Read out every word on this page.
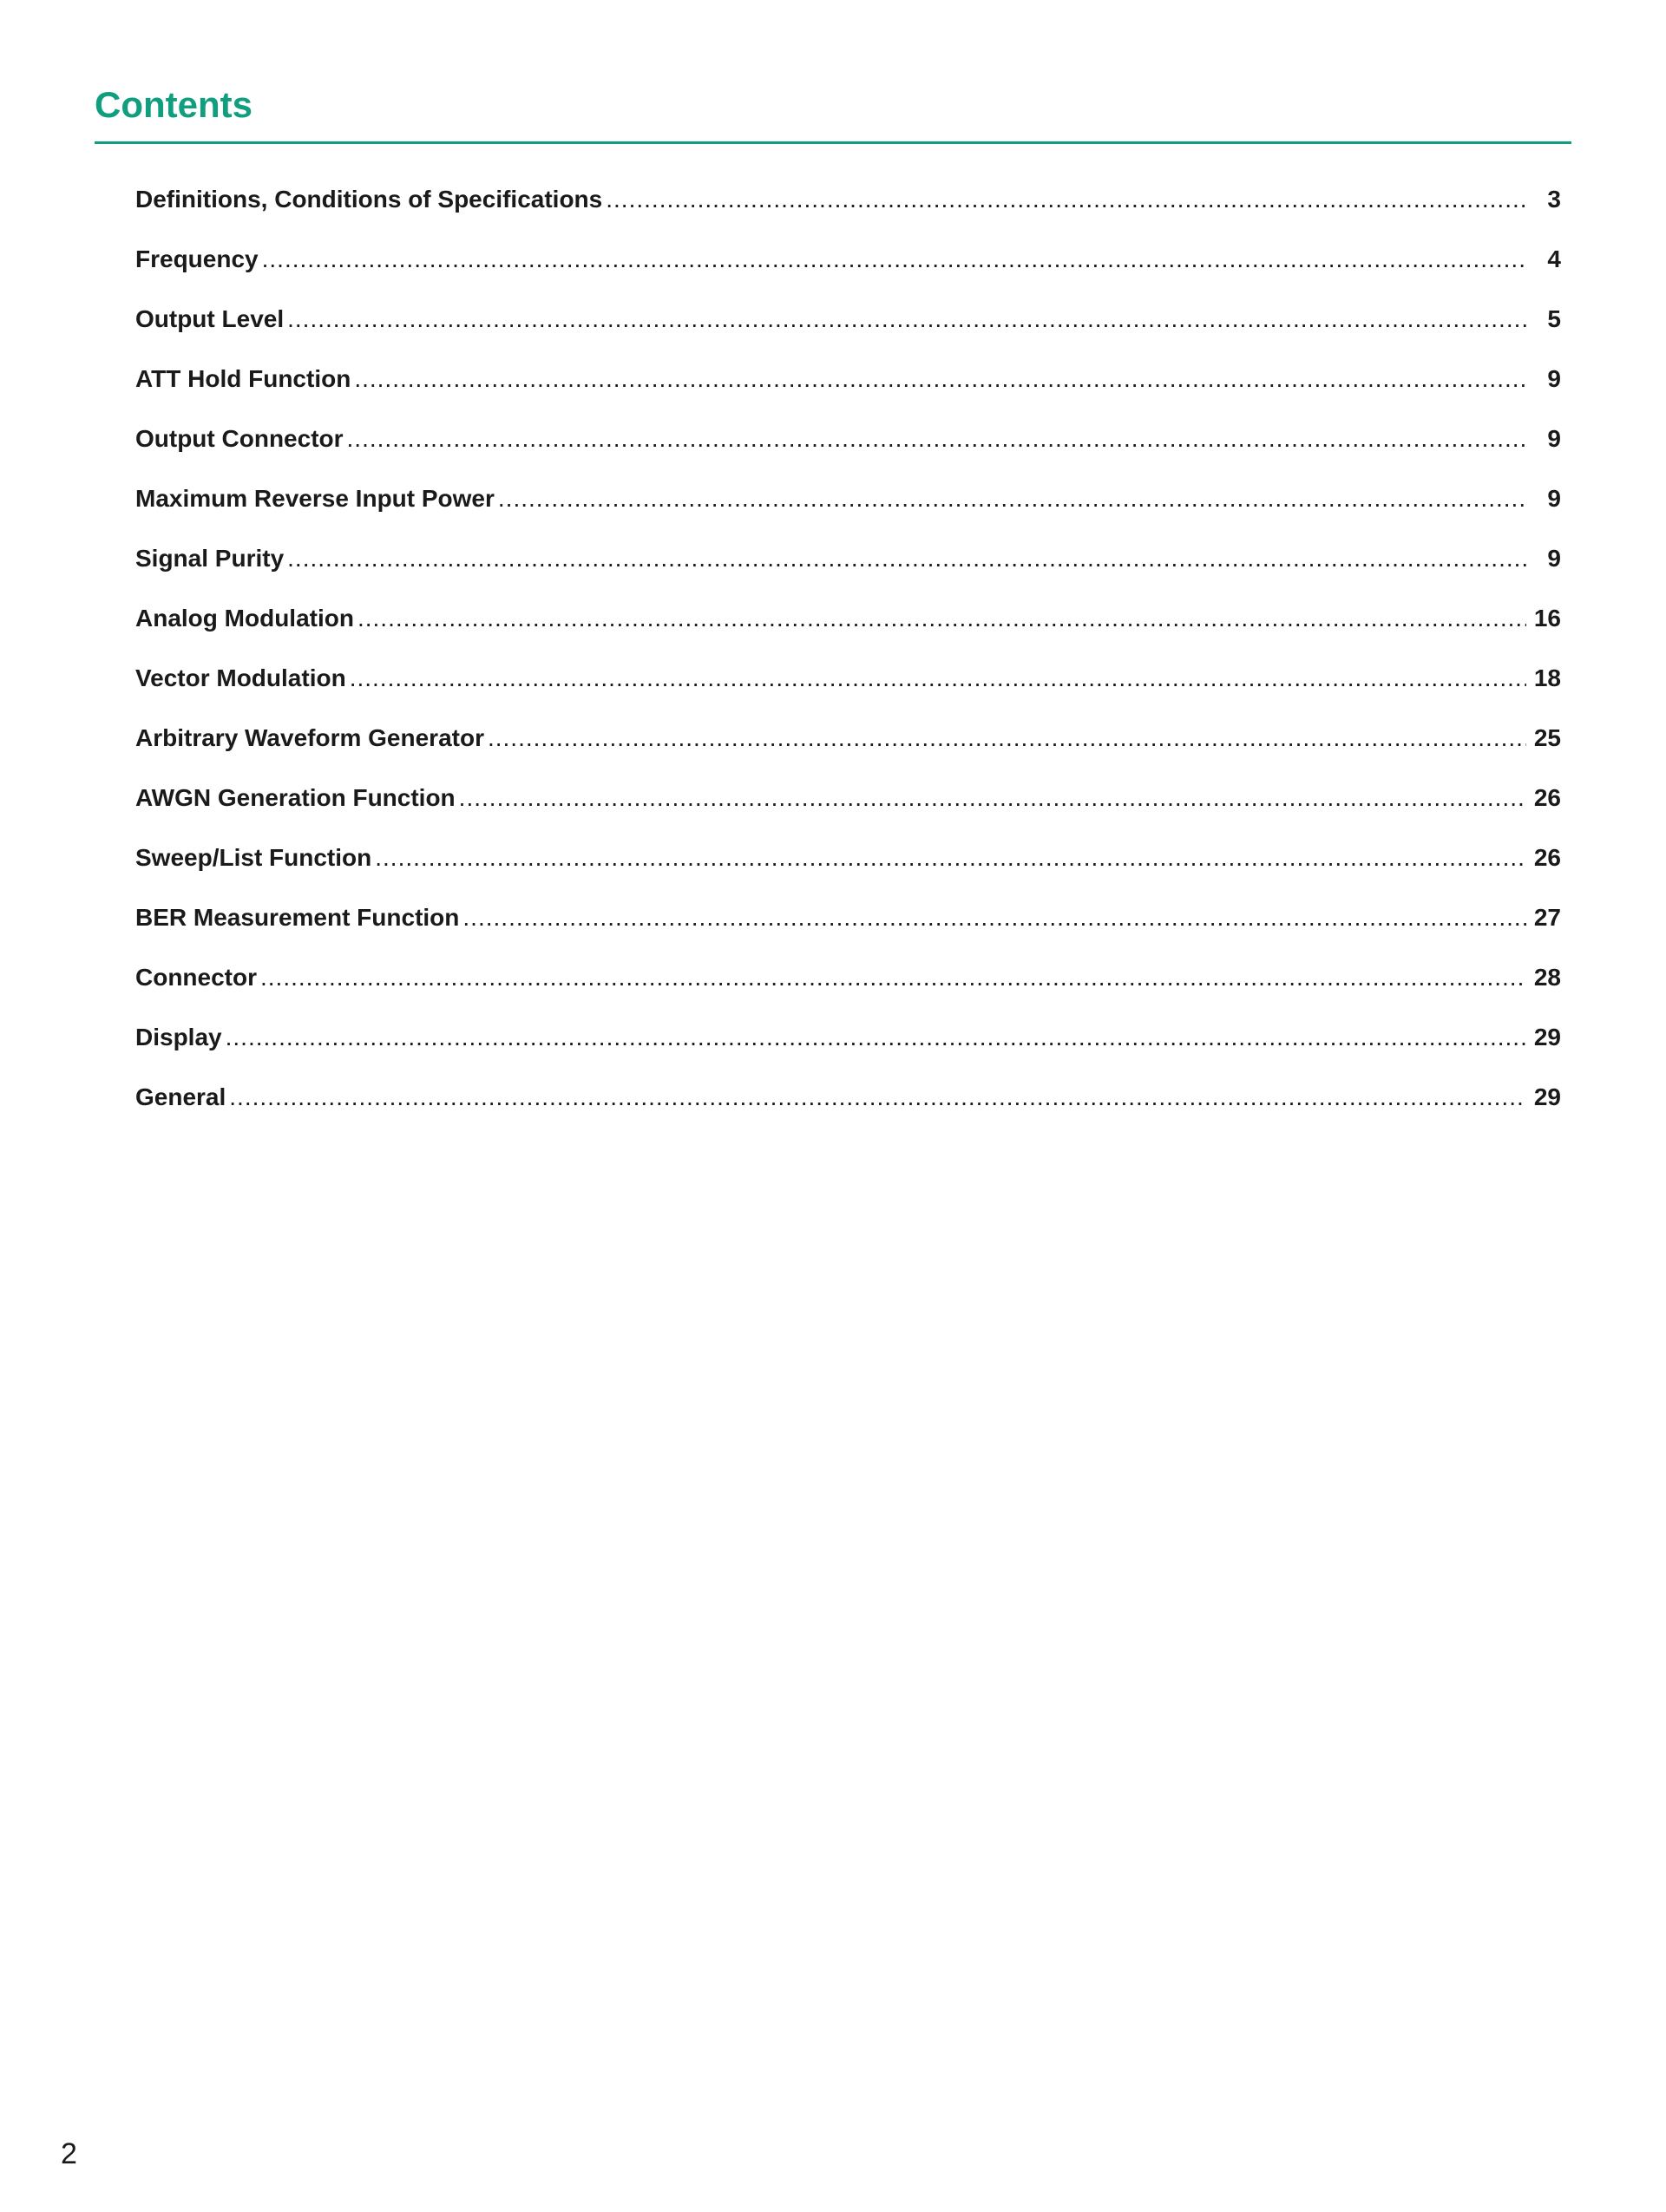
Contents
Definitions, Conditions of Specifications .....	3
Frequency .....	4
Output Level .....	5
ATT Hold Function .....	9
Output Connector .....	9
Maximum Reverse Input Power .....	9
Signal Purity .....	9
Analog Modulation .....	16
Vector Modulation .....	18
Arbitrary Waveform Generator .....	25
AWGN Generation Function .....	26
Sweep/List Function .....	26
BER Measurement Function .....	27
Connector .....	28
Display .....	29
General .....	29
2
